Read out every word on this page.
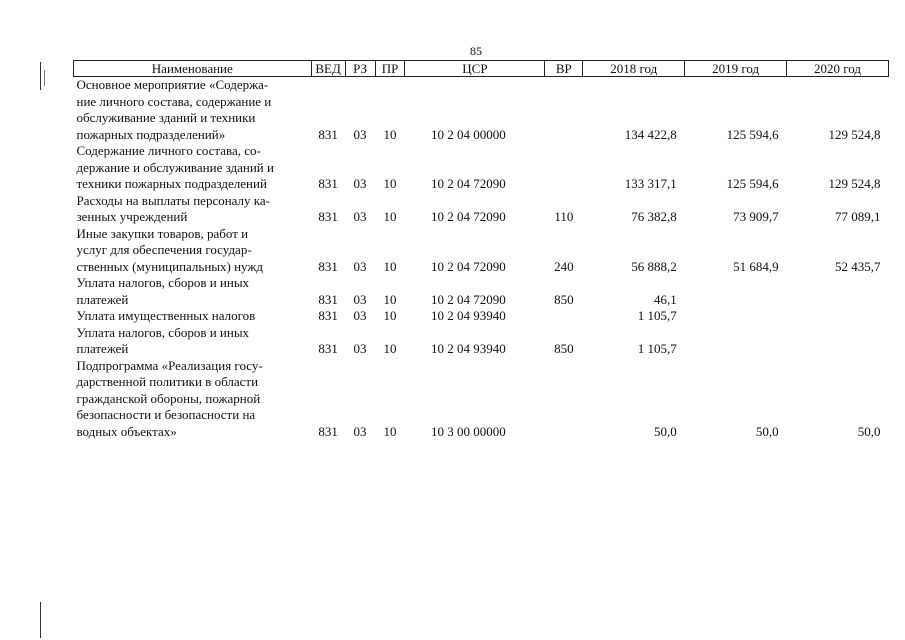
85
Наименование	ВЕД	РЗ	ПР	ЦСР	ВР	2018 год	2019 год	2020 год

Основное мероприятие «Содержа-
ние личного состава, содержание и
обслуживание зданий и техники
пожарных подразделений»	831	03	10	10 2 04 00000		134 422,8	125 594,6	129 524,8

Содержание личного состава, со-
держание и обслуживание зданий и
техники пожарных подразделений	831	03	10	10 2 04 72090		133 317,1	125 594,6	129 524,8

Расходы на выплаты персоналу ка-
зенных учреждений	831	03	10	10 2 04 72090	110	76 382,8	73 909,7	77 089,1

Иные закупки товаров, работ и
услуг для обеспечения государ-
ственных (муниципальных) нужд	831	03	10	10 2 04 72090	240	56 888,2	51 684,9	52 435,7

Уплата налогов, сборов и иных
платежей	831	03	10	10 2 04 72090	850	46,1		

Уплата имущественных налогов	831	03	10	10 2 04 93940		1 105,7		

Уплата налогов, сборов и иных
платежей	831	03	10	10 2 04 93940	850	1 105,7		

Подпрограмма «Реализация госу-
дарственной политики в области
гражданской обороны, пожарной
безопасности и безопасности на
водных объектах»	831	03	10	10 3 00 00000		50,0	50,0	50,0
